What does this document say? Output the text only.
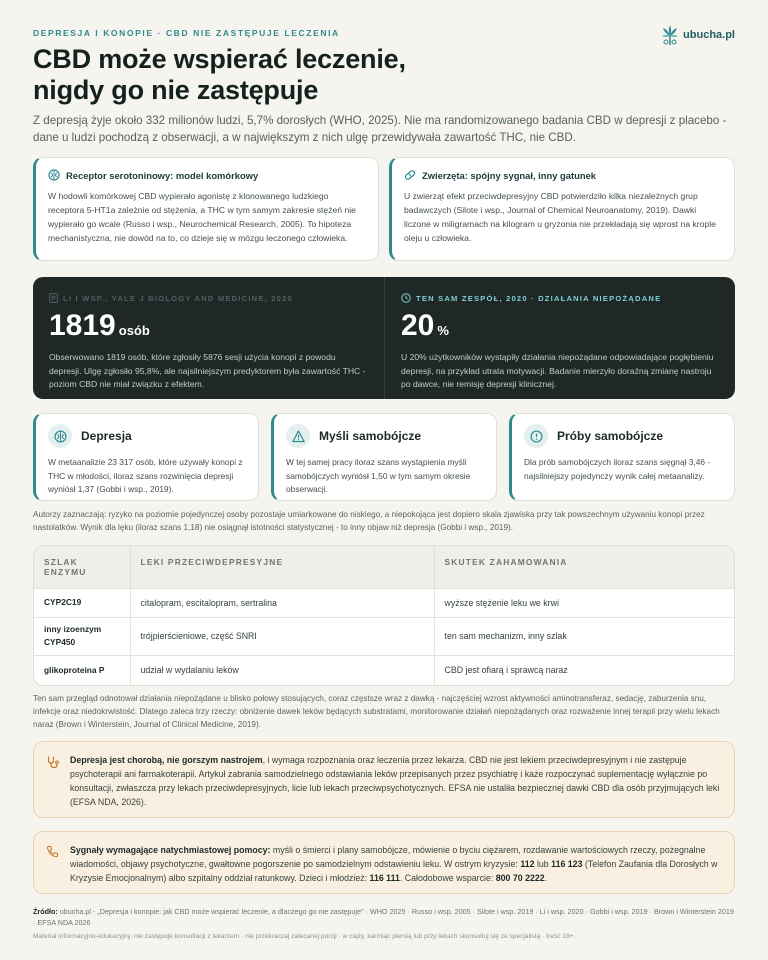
DEPRESJA I KONOPIE · CBD NIE ZASTĘPUJE LECZENIA	ubucha.pl
CBD może wspierać leczenie,
nigdy go nie zastępuje

Z depresją żyje około 332 milionów ludzi, 5,7% dorosłych (WHO, 2025). Nie ma randomizowanego badania CBD w depresji z placebo - dane u ludzi pochodzą z obserwacji, a w największym z nich ulgę przewidywała zawartość THC, nie CBD.

Receptor serotoninowy: model komórkowy
W hodowli komórkowej CBD wypierało agonistę z klonowanego ludzkiego receptora 5-HT1a zależnie od stężenia, a THC w tym samym zakresie stężeń nie wypierało go wcale (Russo i wsp., Neurochemical Research, 2005). To hipoteza mechanistyczna, nie dowód na to, co dzieje się w mózgu leczonego człowieka.
Zwierzęta: spójny sygnał, inny gatunek
U zwierząt efekt przeciwdepresyjny CBD potwierdziło kilka niezależnych grup badawczych (Silote i wsp., Journal of Chemical Neuroanatomy, 2019). Dawki liczone w miligramach na kilogram u gryzonia nie przekładają się wprost na krople oleju u człowieka.
LI I WSP., YALE J BIOLOGY AND MEDICINE, 2020
1819 osób
Obserwowano 1819 osób, które zgłosiły 5876 sesji użycia konopi z powodu depresji. Ulgę zgłosiło 95,8%, ale najsilniejszym predyktorem była zawartość THC - poziom CBD nie miał związku z efektem.
TEN SAM ZESPÓŁ, 2020 · DZIAŁANIA NIEPOŻĄDANE
20 %
U 20% użytkowników wystąpiły działania niepożądane odpowiadające pogłębieniu depresji, na przykład utrata motywacji. Badanie mierzyło doraźną zmianę nastroju po dawce, nie remisję depresji klinicznej.
Depresja
W metaanalizie 23 317 osób, które używały konopi z THC w młodości, iloraz szans rozwinięcia depresji wyniósł 1,37 (Gobbi i wsp., 2019).
Myśli samobójcze
W tej samej pracy iloraz szans wystąpienia myśli samobójczych wyniósł 1,50 w tym samym okresie obserwacji.
Próby samobójcze
Dla prób samobójczych iloraz szans sięgnął 3,46 - najsilniejszy pojedynczy wynik całej metaanalizy.

Autorzy zaznaczają: ryzyko na poziomie pojedynczej osoby pozostaje umiarkowane do niskiego, a niepokojąca jest dopiero skala zjawiska przy tak powszechnym używaniu konopi przez nastolatków. Wynik dla lęku (iloraz szans 1,18) nie osiągnął istotności statystycznej - to inny objaw niż depresja (Gobbi i wsp., 2019).

SZLAK ENZYMU	LEKI PRZECIWDEPRESYJNE	SKUTEK ZAHAMOWANIA
CYP2C19	citalopram, escitalopram, sertralina	wyższe stężenie leku we krwi
inny izoenzym CYP450	trójpierścieniowe, część SNRI	ten sam mechanizm, inny szlak
glikoproteina P	udział w wydalaniu leków	CBD jest ofiarą i sprawcą naraz

Ten sam przegląd odnotował działania niepożądane u blisko połowy stosujących, coraz częstsze wraz z dawką - najczęściej wzrost aktywności aminotransferaz, sedację, zaburzenia snu, infekcje oraz niedokrwistość. Dlatego zaleca trzy rzeczy: obniżenie dawek leków będących substratami, monitorowanie działań niepożądanych oraz rozważenie innej terapii przy wielu lekach naraz (Brown i Winterstein, Journal of Clinical Medicine, 2019).

Depresja jest chorobą, nie gorszym nastrojem, i wymaga rozpoznania oraz leczenia przez lekarza. CBD nie jest lekiem przeciwdepresyjnym i nie zastępuje psychoterapii ani farmakoterapii. Artykuł zabrania samodzielnego odstawiania leków przepisanych przez psychiatrę i każe rozpoczynać suplementację wyłącznie po konsultacji, zwłaszcza przy lekach przeciwdepresyjnych, licie lub lekach przeciwpsychotycznych. EFSA nie ustaliła bezpiecznej dawki CBD dla osób przyjmujących leki (EFSA NDA, 2026).
Sygnały wymagające natychmiastowej pomocy: myśli o śmierci i plany samobójcze, mówienie o byciu ciężarem, rozdawanie wartościowych rzeczy, pożegnalne wiadomości, objawy psychotyczne, gwałtowne pogorszenie po samodzielnym odstawieniu leku. W ostrym kryzysie: 112 lub 116 123 (Telefon Zaufania dla Dorosłych w Kryzysie Emocjonalnym) albo szpitalny oddział ratunkowy. Dzieci i młodzież: 116 111. Całodobowe wsparcie: 800 70 2222.

Źródło: ubucha.pl - „Depresja i konopie: jak CBD może wspierać leczenie, a dlaczego go nie zastępuje" · WHO 2025 · Russo i wsp. 2005 · Silote i wsp. 2019 · Li i wsp. 2020 · Gobbi i wsp. 2019 · Brown i Winterstein 2019 · EFSA NDA 2026

Materiał informacyjno-edukacyjny, nie zastępuje konsultacji z lekarzem · nie przekraczaj zalecanej porcji · w ciąży, karmiąc piersią lub przy lekach skonsultuj się ze specjalistą · treść 18+.
